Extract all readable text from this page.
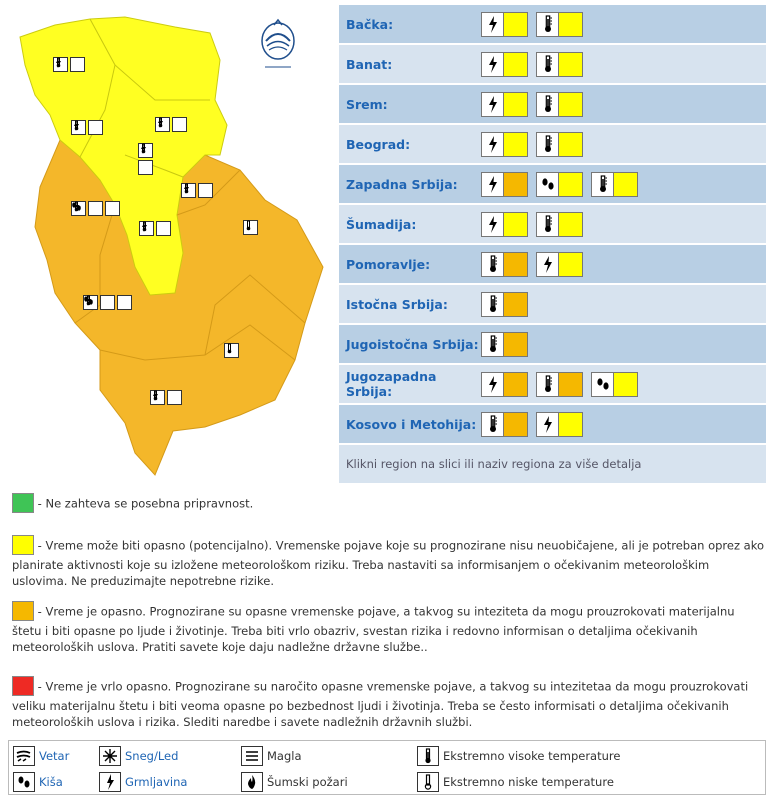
Bačka:
Banat:
Srem:
Beograd:
Zapadna Srbija:
Šumadija:
Pomoravlje:
Istočna Srbija:
Jugoistočna Srbija:
Jugozapadna Srbija:
Kosovo i Metohija:
Klikni region na slici ili naziv regiona za više detalja
- Ne zahteva se posebna pripravnost.
- Vreme može biti opasno (potencijalno). Vremenske pojave koje su prognozirane nisu neuobičajene, ali je potreban oprez ako planirate aktivnosti koje su izložene meteorološkom riziku. Treba nastaviti sa informisanjem o očekivanim meteorološkim uslovima. Ne preduzimajte nepotrebne rizike.
- Vreme je opasno. Prognozirane su opasne vremenske pojave, a takvog su inteziteta da mogu prouzrokovati materijalnu štetu i biti opasne po ljude i životinje. Treba biti vrlo obazriv, svestan rizika i redovno informisan o detaljima očekivanih meteoroloških uslova. Pratiti savete koje daju nadležne državne službe..
- Vreme je vrlo opasno. Prognozirane su naročito opasne vremenske pojave, a takvog su intezitetaa da mogu prouzrokovati veliku materijalnu štetu i biti veoma opasne po bezbednost ljudi i životinja. Treba se često informisati o detaljima očekivanih meteoroloških uslova i rizika. Slediti naredbe i savete nadležnih državnih službi.
Vetar	Sneg/Led	Magla	Ekstremno visoke temperature
Kiša	Grmljavina	Šumski požari	Ekstremno niske temperature
